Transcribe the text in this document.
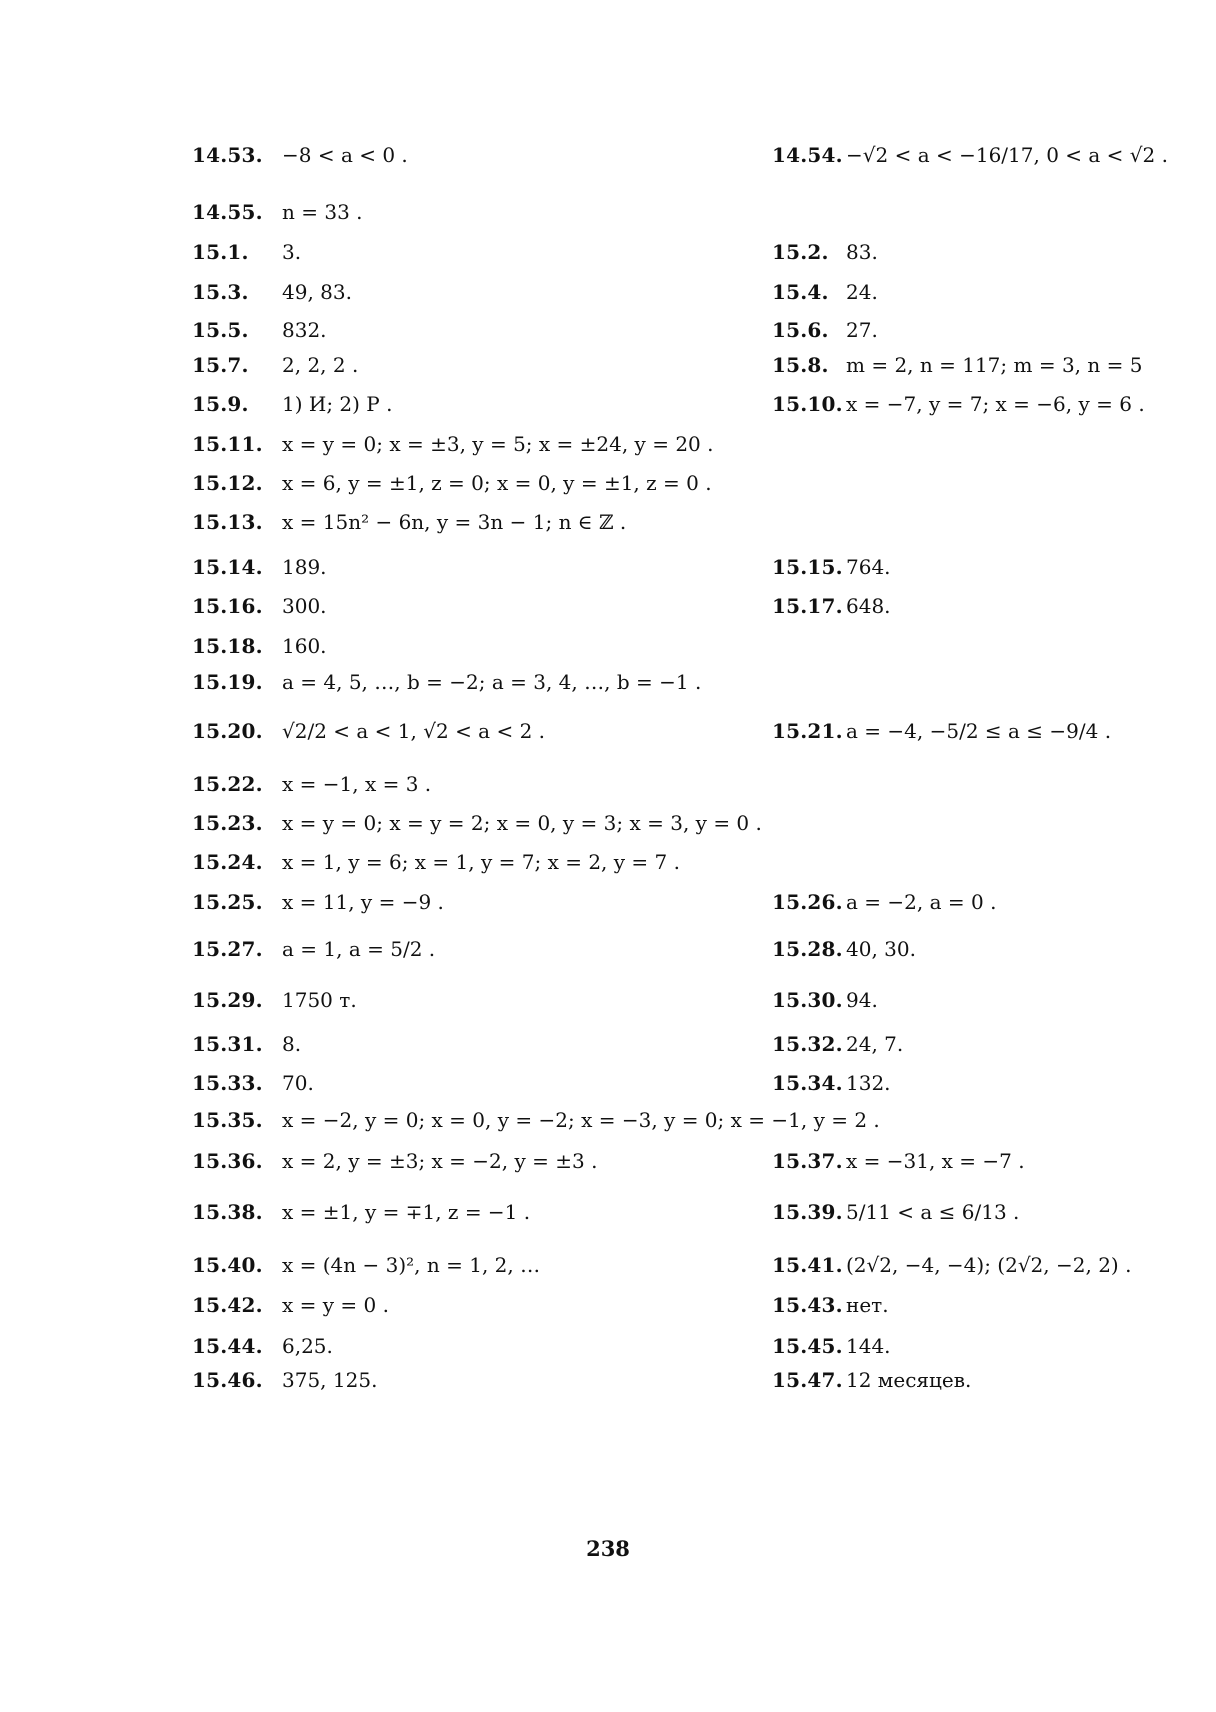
14.53. −8 < a < 0 .	14.54. −√2 < a < −16/17, 0 < a < √2 .
14.55. n = 33 .
15.1. 3.	15.2. 83.
15.3. 49, 83.	15.4. 24.
15.5. 832.	15.6. 27.
15.7. 2, 2, 2 .	15.8. m = 2, n = 117; m = 3, n = 5
15.9. 1) И; 2) Р .	15.10. x = −7, y = 7; x = −6, y = 6 .
15.11. x = y = 0; x = ±3, y = 5; x = ±24, y = 20 .
15.12. x = 6, y = ±1, z = 0; x = 0, y = ±1, z = 0 .
15.13. x = 15n² − 6n, y = 3n − 1; n ∈ ℤ .
15.14. 189.	15.15. 764.
15.16. 300.	15.17. 648.
15.18. 160.
15.19. a = 4, 5, …, b = −2; a = 3, 4, …, b = −1 .
15.20. √2/2 < a < 1, √2 < a < 2 .	15.21. a = −4, −5/2 ≤ a ≤ −9/4 .
15.22. x = −1, x = 3 .
15.23. x = y = 0; x = y = 2; x = 0, y = 3; x = 3, y = 0 .
15.24. x = 1, y = 6; x = 1, y = 7; x = 2, y = 7 .
15.25. x = 11, y = −9 .	15.26. a = −2, a = 0 .
15.27. a = 1, a = 5/2 .	15.28. 40, 30.
15.29. 1750 т.	15.30. 94.
15.31. 8.	15.32. 24, 7.
15.33. 70.	15.34. 132.
15.35. x = −2, y = 0; x = 0, y = −2; x = −3, y = 0; x = −1, y = 2 .
15.36. x = 2, y = ±3; x = −2, y = ±3 .	15.37. x = −31, x = −7 .
15.38. x = ±1, y = ∓1, z = −1 .	15.39. 5/11 < a ≤ 6/13 .
15.40. x = (4n − 3)², n = 1, 2, …	15.41. (2√2, −4, −4); (2√2, −2, 2) .
15.42. x = y = 0 .	15.43. нет.
15.44. 6,25.	15.45. 144.
15.46. 375, 125.	15.47. 12 месяцев.
238
